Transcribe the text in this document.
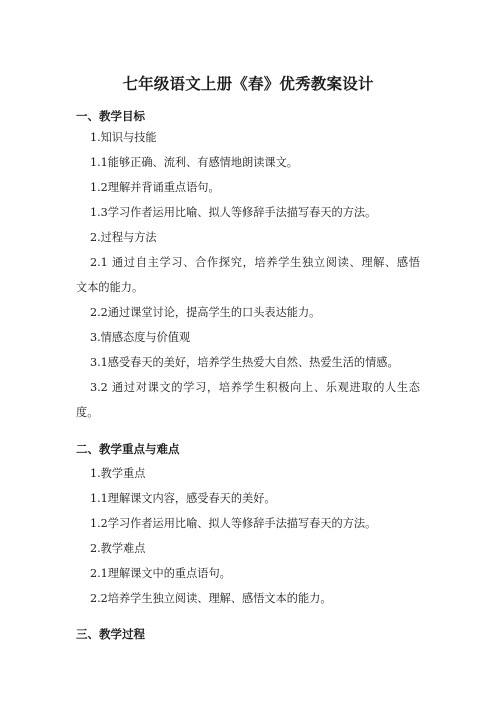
七年级语文上册《春》优秀教案设计
一、教学目标
1.知识与技能
1.1能够正确、流利、有感情地朗读课文。
1.2理解并背诵重点语句。
1.3学习作者运用比喻、拟人等修辞手法描写春天的方法。
2.过程与方法
2.1 通过自主学习、合作探究，培养学生独立阅读、理解、感悟
文本的能力。
2.2通过课堂讨论，提高学生的口头表达能力。
3.情感态度与价值观
3.1感受春天的美好，培养学生热爱大自然、热爱生活的情感。
3.2 通过对课文的学习，培养学生积极向上、乐观进取的人生态
度。
二、教学重点与难点
1.教学重点
1.1理解课文内容，感受春天的美好。
1.2学习作者运用比喻、拟人等修辞手法描写春天的方法。
2.教学难点
2.1理解课文中的重点语句。
2.2培养学生独立阅读、理解、感悟文本的能力。
三、教学过程
